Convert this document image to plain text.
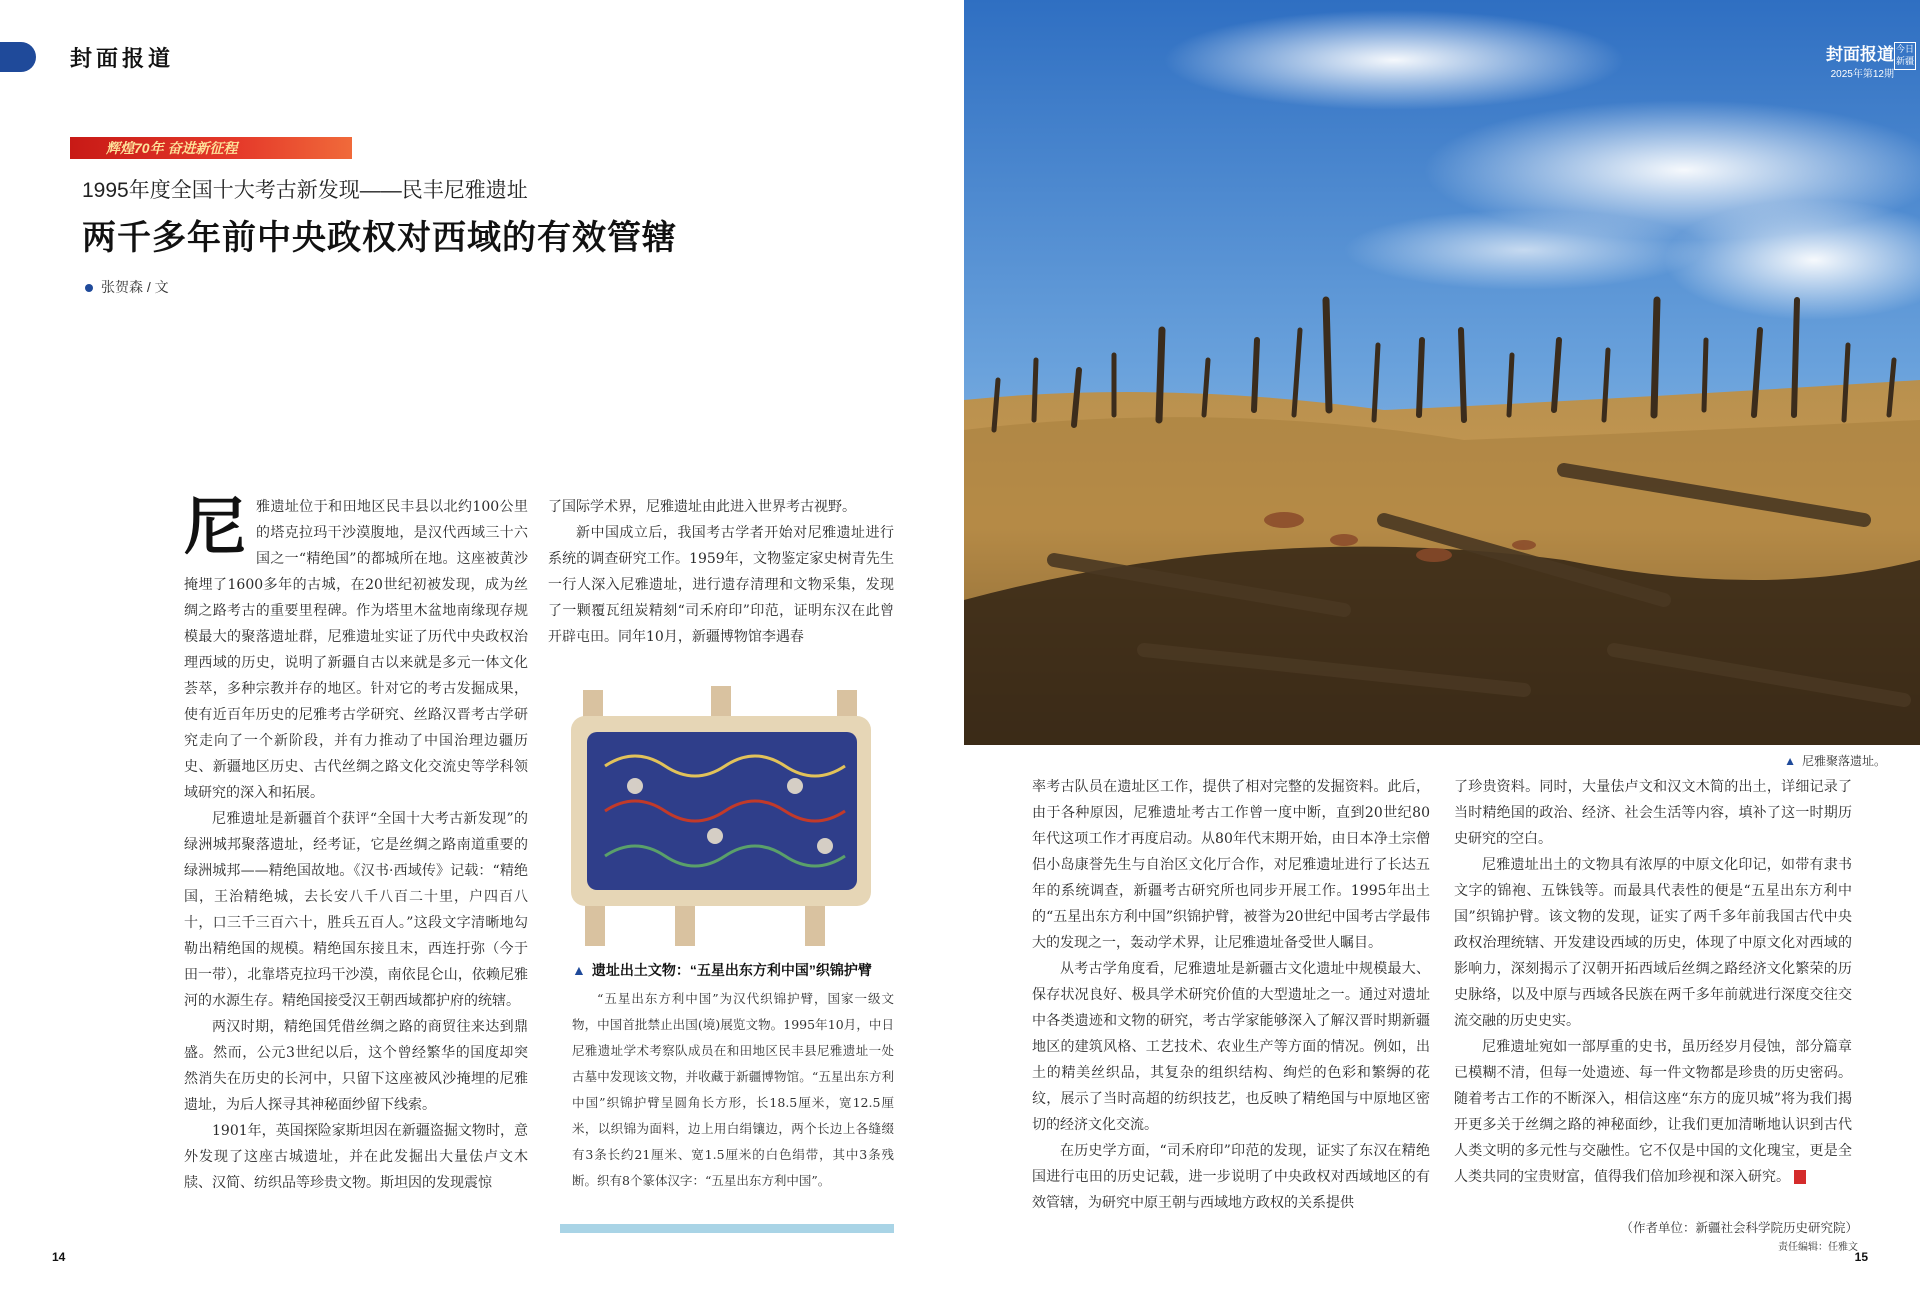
封面报道
辉煌70年 奋进新征程
1995年度全国十大考古新发现——民丰尼雅遗址
两千多年前中央政权对西域的有效管辖
张贺森 / 文
封面报道
2025年第12期
今日新疆
▲ 尼雅聚落遗址。
尼 雅遗址位于和田地区民丰县以北约100公里的塔克拉玛干沙漠腹地，是汉代西域三十六国之一“精绝国”的都城所在地。这座被黄沙掩埋了1600多年的古城，在20世纪初被发现，成为丝绸之路考古的重要里程碑。作为塔里木盆地南缘现存规模最大的聚落遗址群，尼雅遗址实证了历代中央政权治理西域的历史，说明了新疆自古以来就是多元一体文化荟萃，多种宗教并存的地区。针对它的考古发掘成果，使有近百年历史的尼雅考古学研究、丝路汉晋考古学研究走向了一个新阶段，并有力推动了中国治理边疆历史、新疆地区历史、古代丝绸之路文化交流史等学科领域研究的深入和拓展。

尼雅遗址是新疆首个获评“全国十大考古新发现”的绿洲城邦聚落遗址，经考证，它是丝绸之路南道重要的绿洲城邦——精绝国故地。《汉书·西域传》记载：“精绝国，王治精绝城，去长安八千八百二十里，户四百八十，口三千三百六十，胜兵五百人。”这段文字清晰地勾勒出精绝国的规模。精绝国东接且末，西连扜弥（今于田一带），北靠塔克拉玛干沙漠，南依昆仑山，依赖尼雅河的水源生存。精绝国接受汉王朝西域都护府的统辖。

两汉时期，精绝国凭借丝绸之路的商贸往来达到鼎盛。然而，公元3世纪以后，这个曾经繁华的国度却突然消失在历史的长河中，只留下这座被风沙掩埋的尼雅遗址，为后人探寻其神秘面纱留下线索。

1901年，英国探险家斯坦因在新疆盗掘文物时，意外发现了这座古城遗址，并在此发掘出大量佉卢文木牍、汉简、纺织品等珍贵文物。斯坦因的发现震惊

了国际学术界，尼雅遗址由此进入世界考古视野。

新中国成立后，我国考古学者开始对尼雅遗址进行系统的调查研究工作。1959年，文物鉴定家史树青先生一行人深入尼雅遗址，进行遗存清理和文物采集，发现了一颗覆瓦纽炭精刻“司禾府印”印范，证明东汉在此曾开辟屯田。同年10月，新疆博物馆李遇春

▲ 遗址出土文物：“五星出东方利中国”织锦护臂

“五星出东方利中国”为汉代织锦护臂，国家一级文物，中国首批禁止出国(境)展览文物。1995年10月，中日尼雅遗址学术考察队成员在和田地区民丰县尼雅遗址一处古墓中发现该文物，并收藏于新疆博物馆。“五星出东方利中国”织锦护臂呈圆角长方形，长18.5厘米，宽12.5厘米，以织锦为面料，边上用白绢镶边，两个长边上各缝缀有3条长约21厘米、宽1.5厘米的白色绢带，其中3条残断。织有8个篆体汉字：“五星出东方利中国”。

率考古队员在遗址区工作，提供了相对完整的发掘资料。此后，由于各种原因，尼雅遗址考古工作曾一度中断，直到20世纪80年代这项工作才再度启动。从80年代末期开始，由日本净土宗僧侣小岛康誉先生与自治区文化厅合作，对尼雅遗址进行了长达五年的系统调查，新疆考古研究所也同步开展工作。1995年出土的“五星出东方利中国”织锦护臂，被誉为20世纪中国考古学最伟大的发现之一，轰动学术界，让尼雅遗址备受世人瞩目。

从考古学角度看，尼雅遗址是新疆古文化遗址中规模最大、保存状况良好、极具学术研究价值的大型遗址之一。通过对遗址中各类遗迹和文物的研究，考古学家能够深入了解汉晋时期新疆地区的建筑风格、工艺技术、农业生产等方面的情况。例如，出土的精美丝织品，其复杂的组织结构、绚烂的色彩和繁缛的花纹，展示了当时高超的纺织技艺，也反映了精绝国与中原地区密切的经济文化交流。

在历史学方面，“司禾府印”印范的发现，证实了东汉在精绝国进行屯田的历史记载，进一步说明了中央政权对西域地区的有效管辖，为研究中原王朝与西域地方政权的关系提供

了珍贵资料。同时，大量佉卢文和汉文木简的出土，详细记录了当时精绝国的政治、经济、社会生活等内容，填补了这一时期历史研究的空白。

尼雅遗址出土的文物具有浓厚的中原文化印记，如带有隶书文字的锦袍、五铢钱等。而最具代表性的便是“五星出东方利中国”织锦护臂。该文物的发现，证实了两千多年前我国古代中央政权治理统辖、开发建设西域的历史，体现了中原文化对西域的影响力，深刻揭示了汉朝开拓西域后丝绸之路经济文化繁荣的历史脉络，以及中原与西域各民族在两千多年前就进行深度交往交流交融的历史史实。

尼雅遗址宛如一部厚重的史书，虽历经岁月侵蚀，部分篇章已模糊不清，但每一处遗迹、每一件文物都是珍贵的历史密码。随着考古工作的不断深入，相信这座“东方的庞贝城”将为我们揭开更多关于丝绸之路的神秘面纱，让我们更加清晰地认识到古代人类文明的多元性与交融性。它不仅是中国的文化瑰宝，更是全人类共同的宝贵财富，值得我们倍加珍视和深入研究。	J

（作者单位：新疆社会科学院历史研究院）
责任编辑：任雅文
14	15
